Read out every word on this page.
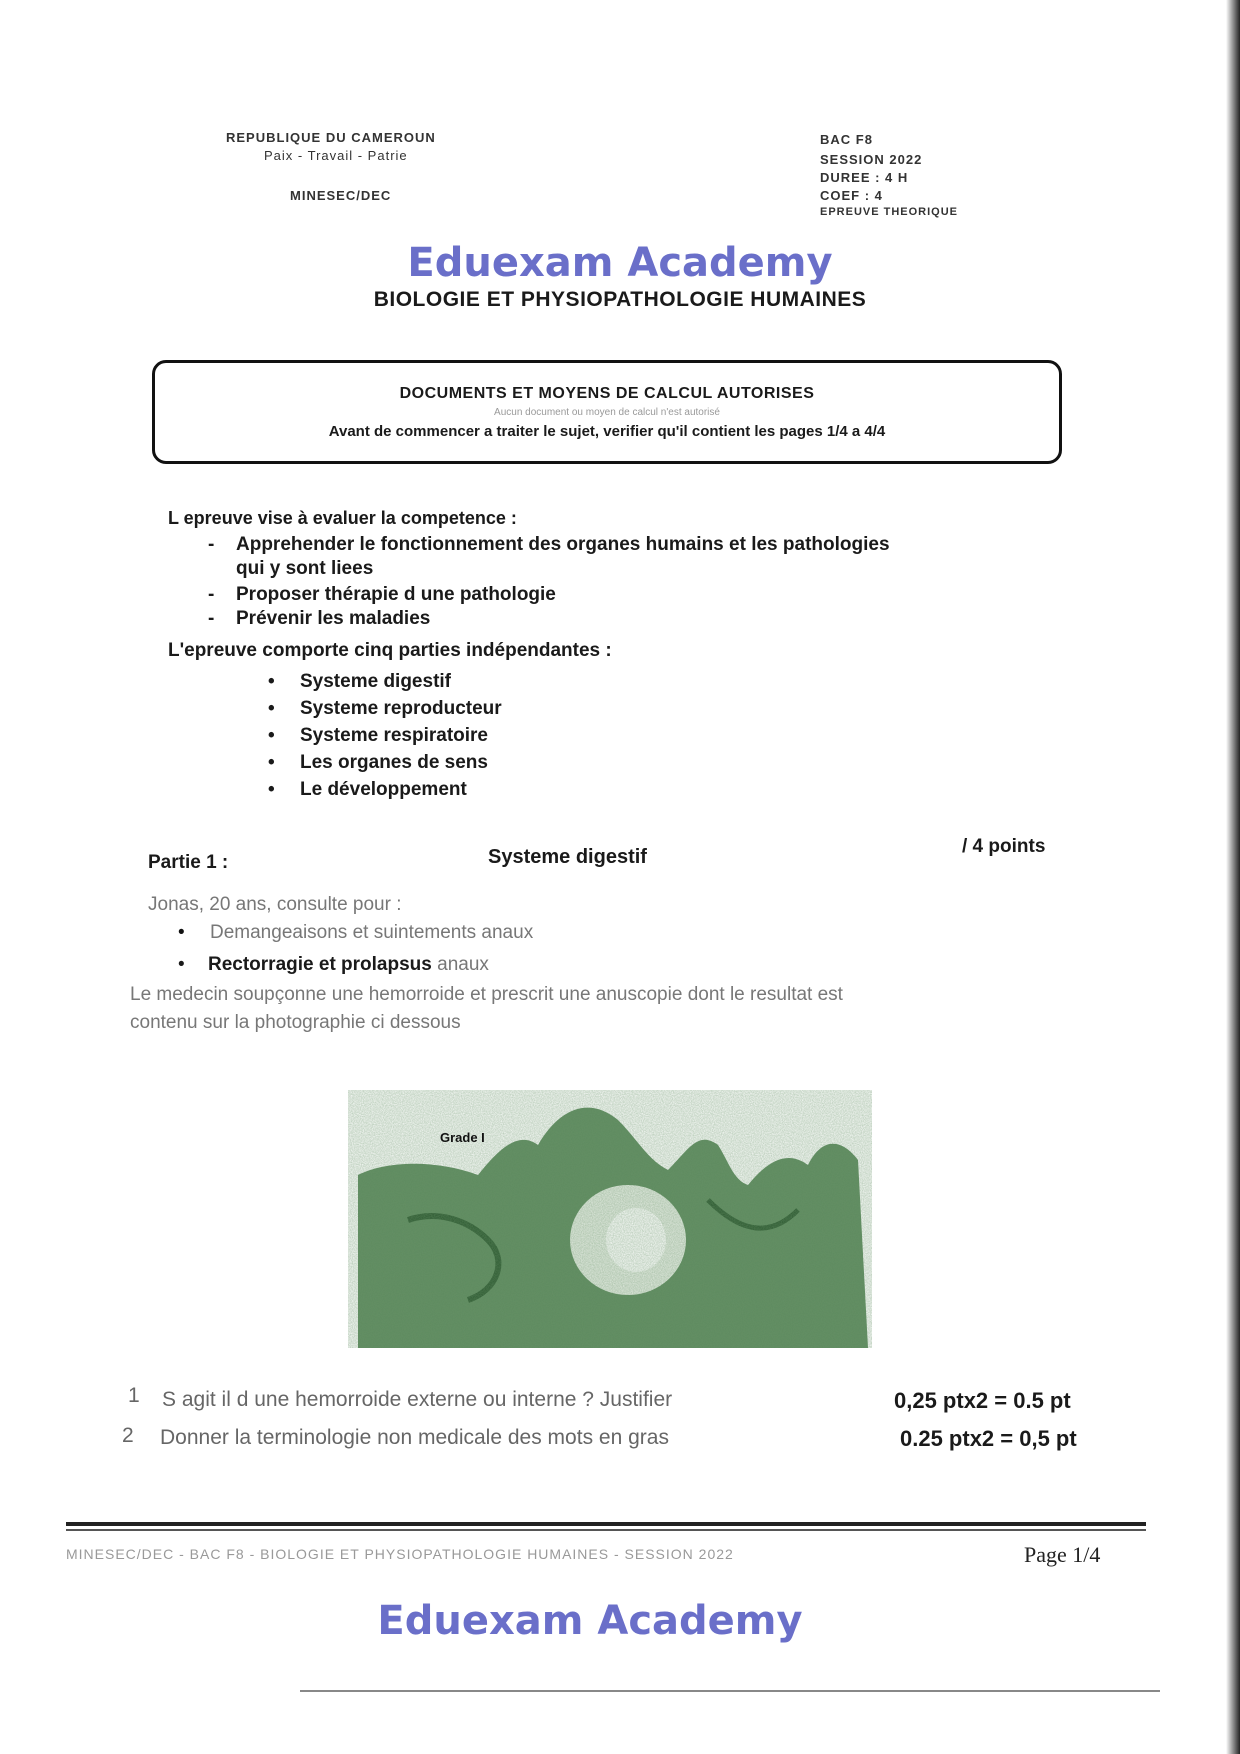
REPUBLIQUE DU CAMEROUN
Paix - Travail - Patrie
MINESEC/DEC
BAC F8
SESSION 2022
DUREE : 4 H
COEF : 4
EPREUVE THEORIQUE
Eduexam Academy
BIOLOGIE ET PHYSIOPATHOLOGIE HUMAINES
DOCUMENTS ET MOYENS DE CALCUL AUTORISES
Aucun document ou moyen de calcul n'est autorisé
Avant de commencer a traiter le sujet, verifier qu'il contient les pages 1/4 a 4/4
L epreuve vise à evaluer la competence :
- Apprehender le fonctionnement des organes humains et les pathologies
qui y sont liees
- Proposer thérapie d une pathologie
- Prévenir les maladies
L'epreuve comporte cinq parties indépendantes :
• Systeme digestif
• Systeme reproducteur
• Systeme respiratoire
• Les organes de sens
• Le développement
Partie 1 :	Systeme digestif	/ 4 points
Jonas, 20 ans, consulte pour :
• Demangeaisons et suintements anaux
• Rectorragie et prolapsus anaux
Le medecin soupçonne une hemorroide et prescrit une anuscopie dont le resultat est
contenu sur la photographie ci dessous
Grade I
1 S agit il d une hemorroide externe ou interne ? Justifier	0,25 ptx2 = 0.5 pt
2 Donner la terminologie non medicale des mots en gras	0.25 ptx2 = 0,5 pt
MINESEC/DEC - BAC F8 - BIOLOGIE ET PHYSIOPATHOLOGIE HUMAINES - SESSION 2022	Page 1/4
Eduexam Academy
